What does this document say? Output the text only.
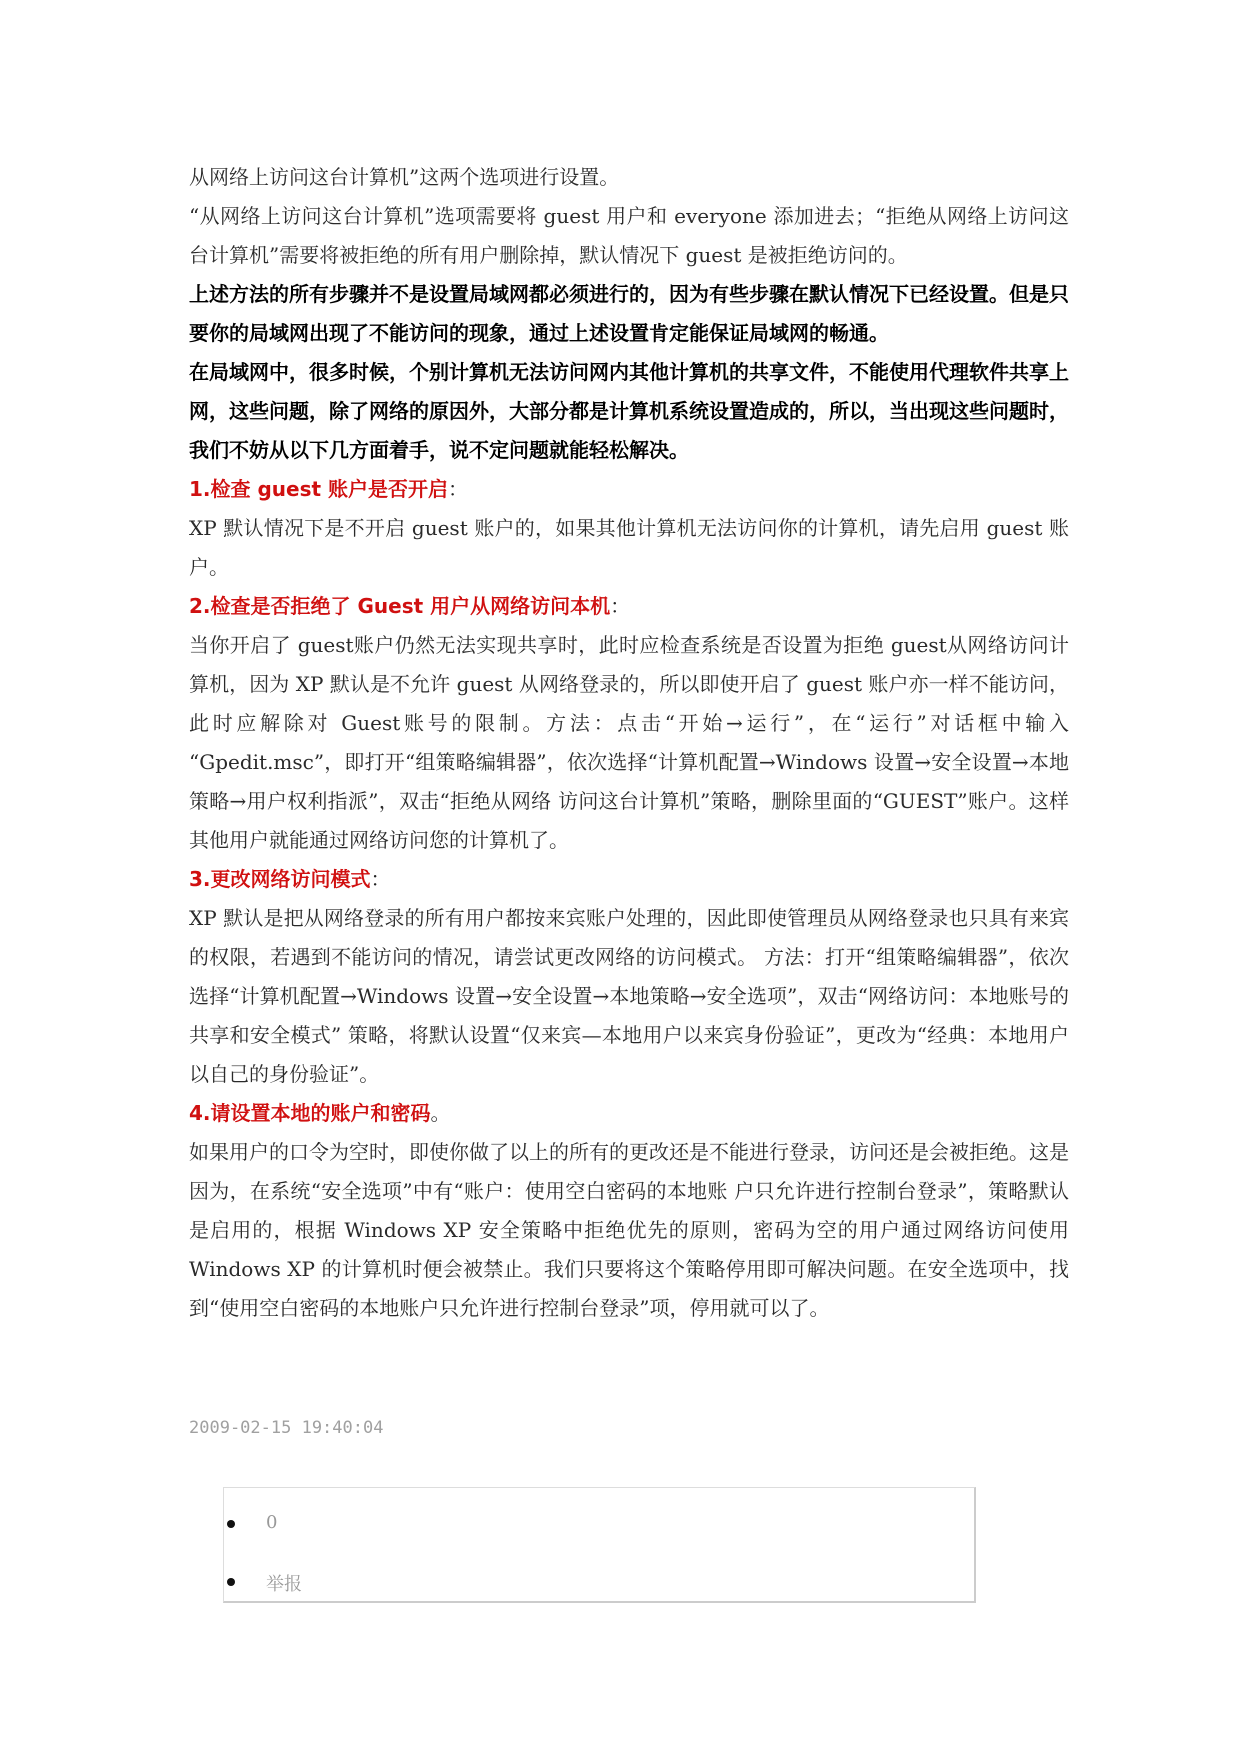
从网络上访问这台计算机”这两个选项进行设置。

“从网络上访问这台计算机”选项需要将 guest 用户和 everyone 添加进去；“拒绝从网络上访问这台计算机”需要将被拒绝的所有用户删除掉，默认情况下 guest 是被拒绝访问的。

上述方法的所有步骤并不是设置局域网都必须进行的，因为有些步骤在默认情况下已经设置。但是只要你的局域网出现了不能访问的现象，通过上述设置肯定能保证局域网的畅通。

在局域网中，很多时候，个别计算机无法访问网内其他计算机的共享文件，不能使用代理软件共享上网，这些问题，除了网络的原因外，大部分都是计算机系统设置造成的，所以，当出现这些问题时，我们不妨从以下几方面着手，说不定问题就能轻松解决。

1.检查 guest 账户是否开启：

XP 默认情况下是不开启 guest 账户的，如果其他计算机无法访问你的计算机，请先启用 guest 账户。

2.检查是否拒绝了 Guest 用户从网络访问本机：

当你开启了 guest账户仍然无法实现共享时，此时应检查系统是否设置为拒绝 guest从网络访问计算机，因为 XP 默认是不允许 guest 从网络登录的，所以即使开启了 guest 账户亦一样不能访问，此时应解除对 Guest账号的限制。方法：点击“开始→运行”，在“运行”对话框中输入 “Gpedit.msc”，即打开“组策略编辑器”，依次选择“计算机配置→Windows 设置→安全设置→本地策略→用户权利指派”，双击“拒绝从网络 访问这台计算机”策略，删除里面的“GUEST”账户。这样其他用户就能通过网络访问您的计算机了。

3.更改网络访问模式：

XP 默认是把从网络登录的所有用户都按来宾账户处理的，因此即使管理员从网络登录也只具有来宾的权限，若遇到不能访问的情况，请尝试更改网络的访问模式。 方法：打开“组策略编辑器”，依次选择“计算机配置→Windows 设置→安全设置→本地策略→安全选项”，双击“网络访问：本地账号的共享和安全模式” 策略，将默认设置“仅来宾—本地用户以来宾身份验证”，更改为“经典：本地用户以自己的身份验证”。

4.请设置本地的账户和密码。

如果用户的口令为空时，即使你做了以上的所有的更改还是不能进行登录，访问还是会被拒绝。这是因为，在系统“安全选项”中有“账户：使用空白密码的本地账 户只允许进行控制台登录”，策略默认是启用的，根据 Windows XP 安全策略中拒绝优先的原则，密码为空的用户通过网络访问使用 Windows XP 的计算机时便会被禁止。我们只要将这个策略停用即可解决问题。在安全选项中，找到“使用空白密码的本地账户只允许进行控制台登录”项，停用就可以了。

2009-02-15 19:40:04
0
举报
